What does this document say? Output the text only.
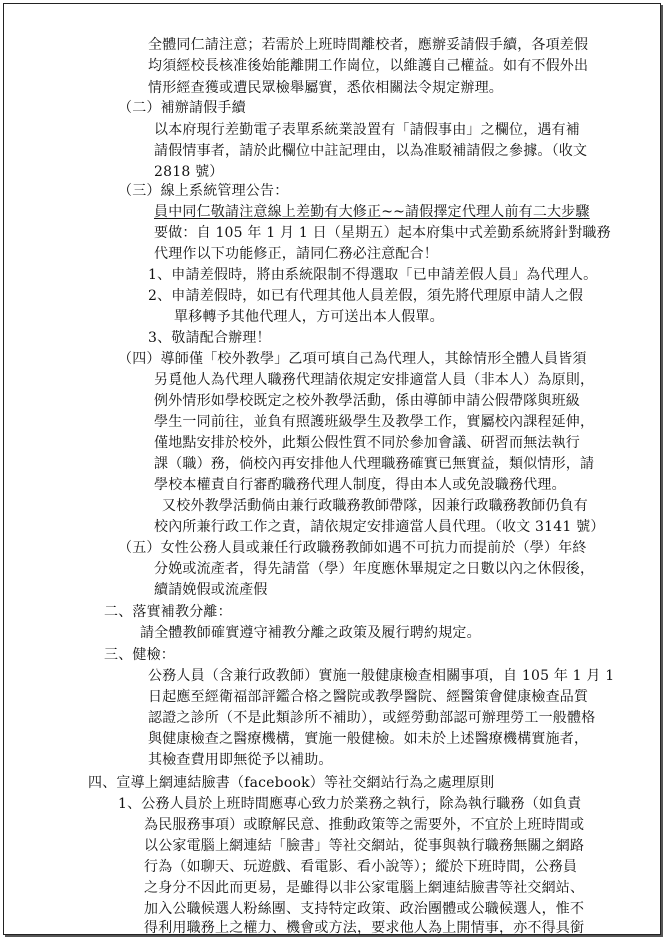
全體同仁請注意；若需於上班時間離校者，應辦妥請假手續，各項差假
均須經校長核准後始能離開工作崗位，以維護自己權益。如有不假外出
情形經查獲或遭民眾檢舉屬實，悉依相關法令規定辦理。
（二）補辦請假手續
以本府現行差勤電子表單系統業設置有「請假事由」之欄位，遇有補
請假情事者，請於此欄位中註記理由，以為准駁補請假之參據。（收文
2818 號）
（三）線上系統管理公告：
員中同仁敬請注意線上差勤有大修正~~請假擇定代理人前有二大步驟
要做：自 105 年 1 月 1 日（星期五）起本府集中式差勤系統將針對職務
代理作以下功能修正，請同仁務必注意配合！
1、申請差假時，將由系統限制不得選取「已申請差假人員」為代理人。
2、申請差假時，如已有代理其他人員差假，須先將代理原申請人之假
單移轉予其他代理人，方可送出本人假單。
3、敬請配合辦理！
（四）導師僅「校外教學」乙項可填自己為代理人，其餘情形全體人員皆須
另覓他人為代理人職務代理請依規定安排適當人員（非本人）為原則，
例外情形如學校既定之校外教學活動，係由導師申請公假帶隊與班級
學生一同前往，並負有照護班級學生及教學工作，實屬校內課程延伸，
僅地點安排於校外，此類公假性質不同於參加會議、研習而無法執行
課（職）務，倘校內再安排他人代理職務確實已無實益，類似情形，請
學校本權責自行審酌職務代理人制度，得由本人或免設職務代理。
又校外教學活動倘由兼行政職務教師帶隊，因兼行政職務教師仍負有
校內所兼行政工作之責，請依規定安排適當人員代理。（收文 3141 號）
（五）女性公務人員或兼任行政職務教師如遇不可抗力而提前於（學）年終
分娩或流產者，得先請當（學）年度應休畢規定之日數以內之休假後，
續請娩假或流產假
二、落實補教分離：
請全體教師確實遵守補教分離之政策及履行聘約規定。
三、健檢：
公務人員（含兼行政教師）實施一般健康檢查相關事項，自 105 年 1 月 1
日起應至經衛福部評鑑合格之醫院或教學醫院、經醫策會健康檢查品質
認證之診所（不是此類診所不補助），或經勞動部認可辦理勞工一般體格
與健康檢查之醫療機構，實施一般健檢。如未於上述醫療機構實施者，
其檢查費用即無從予以補助。
四、宣導上網連結臉書（facebook）等社交網站行為之處理原則
1、公務人員於上班時間應專心致力於業務之執行，除為執行職務（如負責
為民服務事項）或瞭解民意、推動政策等之需要外，不宜於上班時間或
以公家電腦上網連結「臉書」等社交網站，從事與執行職務無關之網路
行為（如聊天、玩遊戲、看電影、看小說等）；縱於下班時間，公務員
之身分不因此而更易，是雖得以非公家電腦上網連結臉書等社交網站、
加入公職候選人粉絲團、支持特定政策、政治團體或公職候選人，惟不
得利用職務上之權力、機會或方法，要求他人為上開情事，亦不得具銜
